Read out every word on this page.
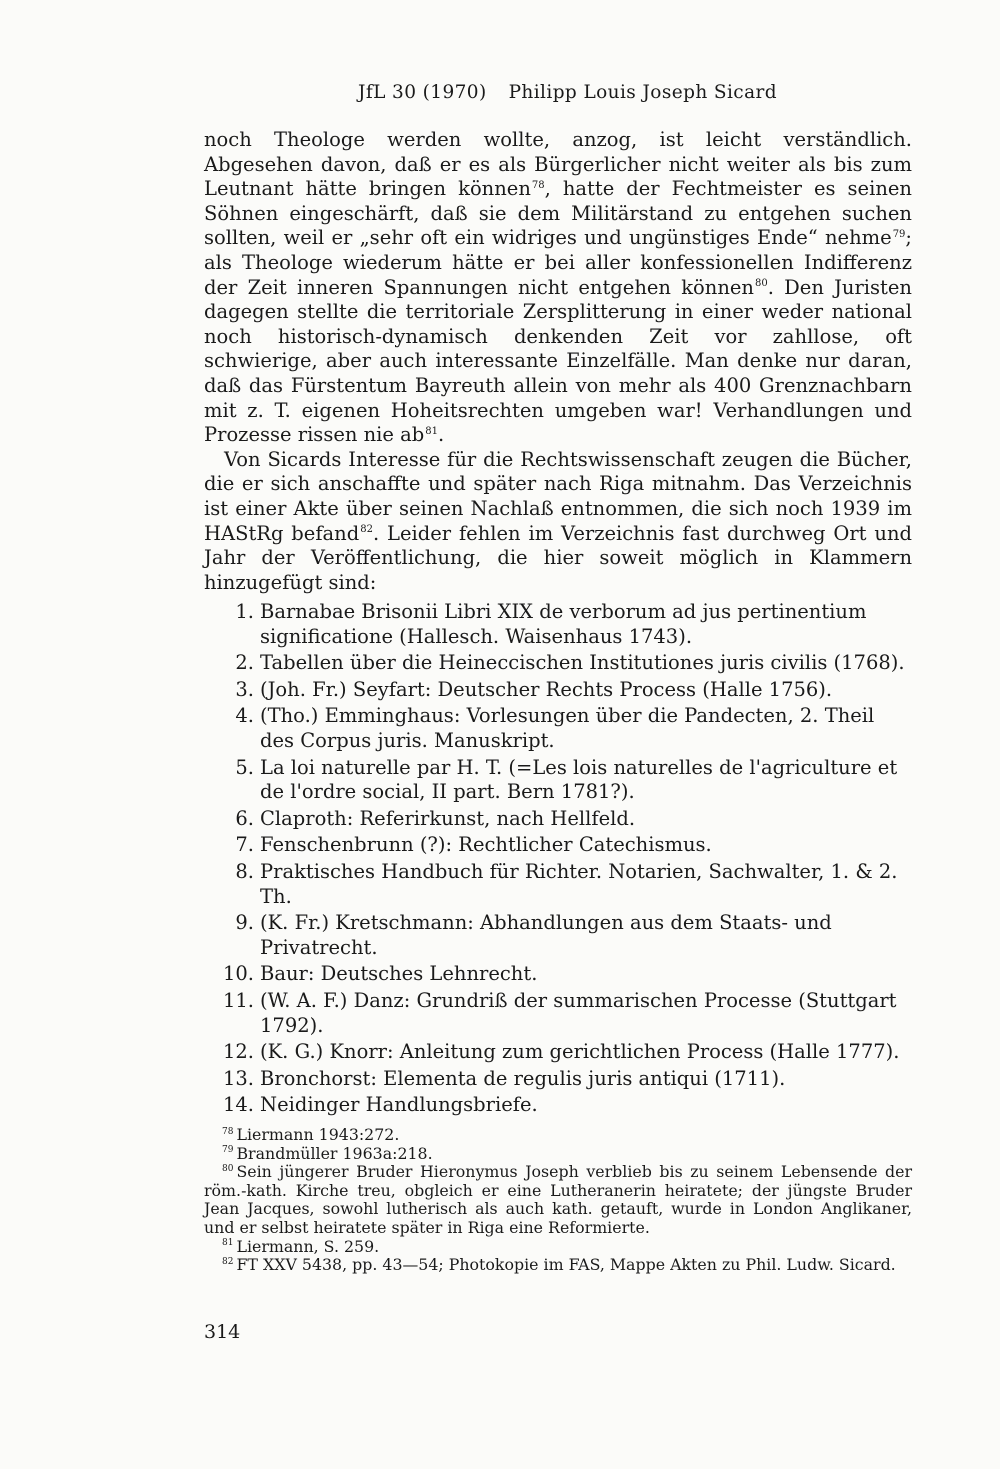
JfL 30 (1970) Philipp Louis Joseph Sicard

noch Theologe werden wollte, anzog, ist leicht verständlich. Abgesehen davon, daß er es als Bürgerlicher nicht weiter als bis zum Leutnant hätte bringen können$^{78}$, hatte der Fechtmeister es seinen Söhnen eingeschärft, daß sie dem Militärstand zu entgehen suchen sollten, weil er „sehr oft ein widriges und ungünstiges Ende“ nehme$^{79}$; als Theologe wiederum hätte er bei aller konfessionellen Indifferenz der Zeit inneren Spannungen nicht entgehen können$^{80}$. Den Juristen dagegen stellte die territoriale Zersplitterung in einer weder national noch historisch-dynamisch denkenden Zeit vor zahllose, oft schwierige, aber auch interessante Einzelfälle. Man denke nur daran, daß das Fürstentum Bayreuth allein von mehr als 400 Grenznachbarn mit z. T. eigenen Hoheitsrechten umgeben war! Verhandlungen und Prozesse rissen nie ab$^{81}$.

Von Sicards Interesse für die Rechtswissenschaft zeugen die Bücher, die er sich anschaffte und später nach Riga mitnahm. Das Verzeichnis ist einer Akte über seinen Nachlaß entnommen, die sich noch 1939 im HAStRg befand$^{82}$. Leider fehlen im Verzeichnis fast durchweg Ort und Jahr der Veröffentlichung, die hier soweit möglich in Klammern hinzugefügt sind:

1. Barnabae Brisonii Libri XIX de verborum ad jus pertinentium significatione (Hallesch. Waisenhaus 1743).
2. Tabellen über die Heineccischen Institutiones juris civilis (1768).
3. (Joh. Fr.) Seyfart: Deutscher Rechts Process (Halle 1756).
4. (Tho.) Emminghaus: Vorlesungen über die Pandecten, 2. Theil des Corpus juris. Manuskript.
5. La loi naturelle par H. T. (=Les lois naturelles de l'agriculture et de l'ordre social, II part. Bern 1781?).
6. Claproth: Referirkunst, nach Hellfeld.
7. Fenschenbrunn (?): Rechtlicher Catechismus.
8. Praktisches Handbuch für Richter. Notarien, Sachwalter, 1. & 2. Th.
9. (K. Fr.) Kretschmann: Abhandlungen aus dem Staats- und Privatrecht.
10. Baur: Deutsches Lehnrecht.
11. (W. A. F.) Danz: Grundriß der summarischen Processe (Stuttgart 1792).
12. (K. G.) Knorr: Anleitung zum gerichtlichen Process (Halle 1777).
13. Bronchorst: Elementa de regulis juris antiqui (1711).
14. Neidinger Handlungsbriefe.

$^{78}$ Liermann 1943:272.

$^{79}$ Brandmüller 1963a:218.

$^{80}$ Sein jüngerer Bruder Hieronymus Joseph verblieb bis zu seinem Lebensende der röm.-kath. Kirche treu, obgleich er eine Lutheranerin heiratete; der jüngste Bruder Jean Jacques, sowohl lutherisch als auch kath. getauft, wurde in London Anglikaner, und er selbst heiratete später in Riga eine Reformierte.

$^{81}$ Liermann, S. 259.

$^{82}$ FT XXV 5438, pp. 43—54; Photokopie im FAS, Mappe Akten zu Phil. Ludw. Sicard.

314
